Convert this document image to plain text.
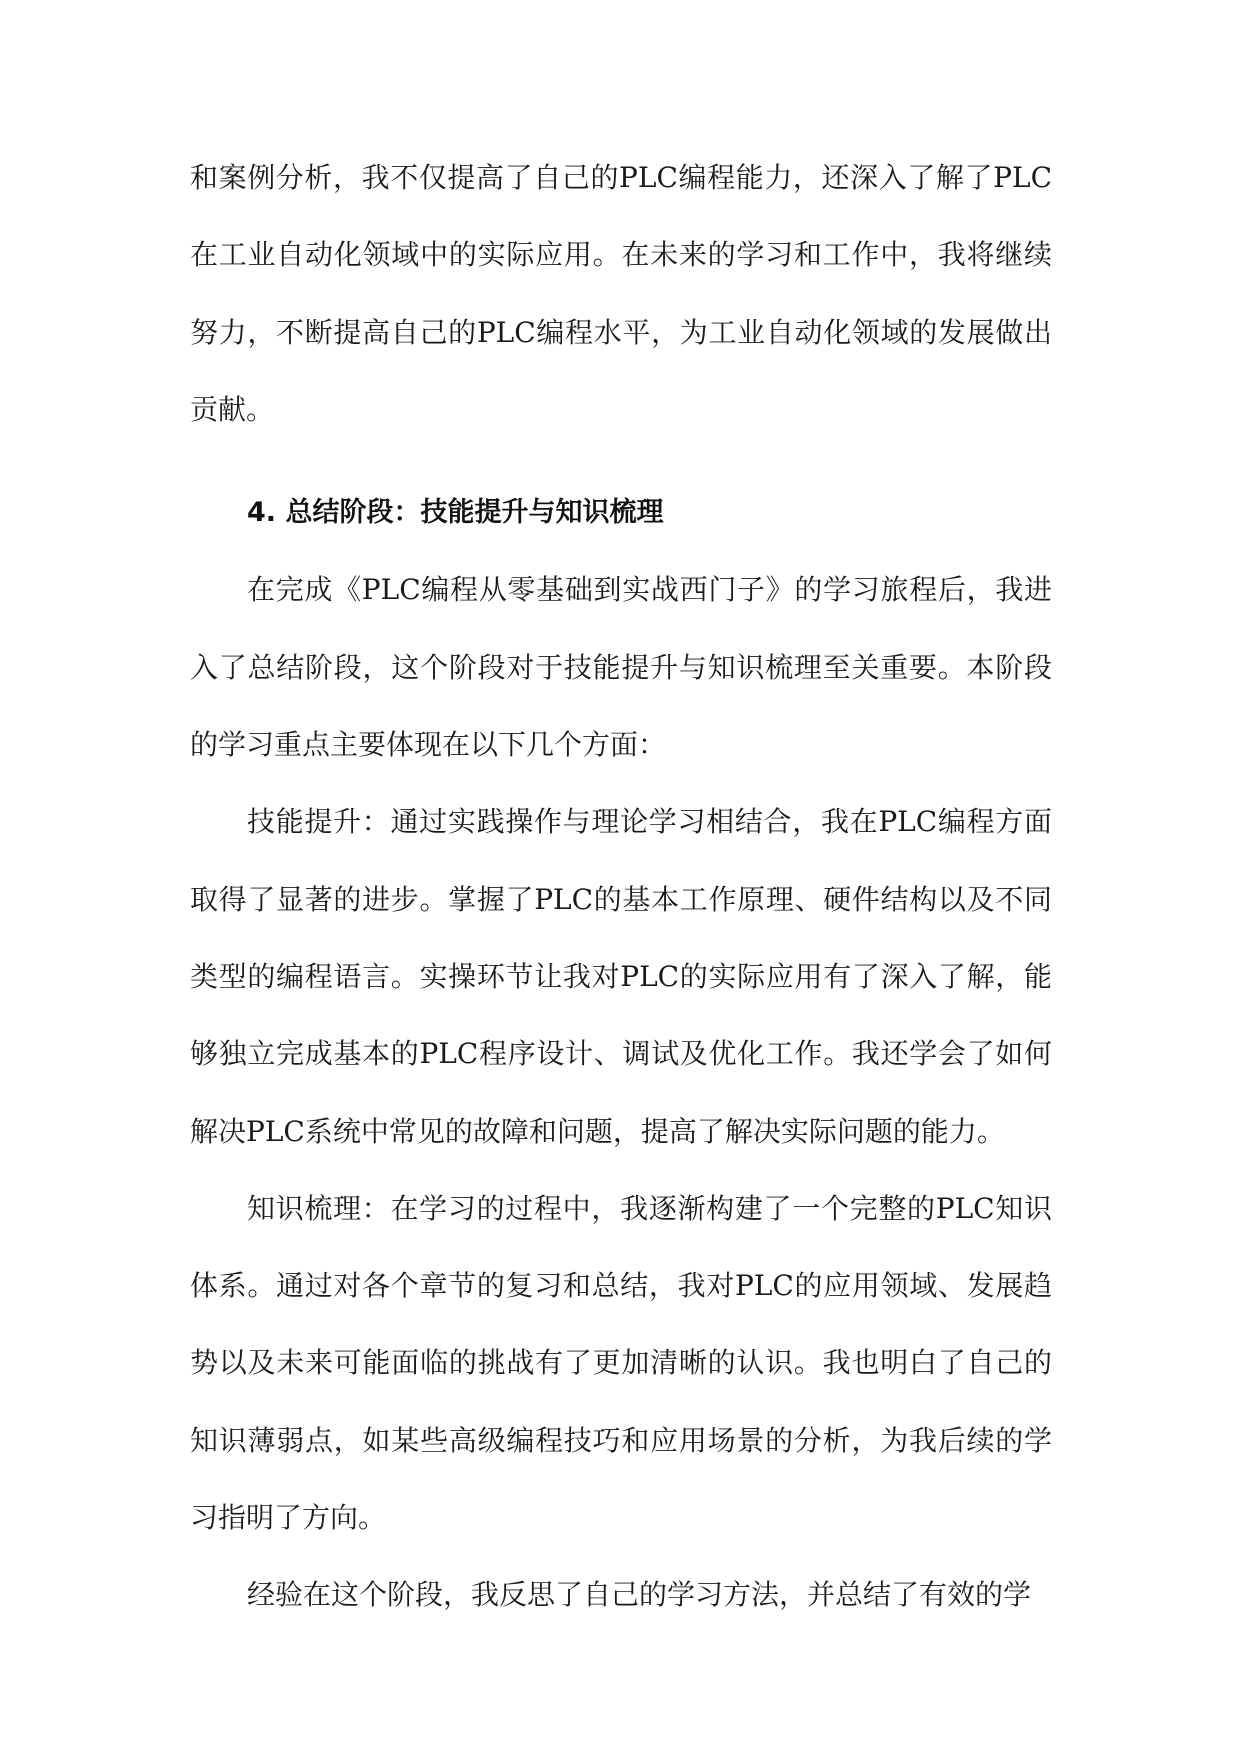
和案例分析，我不仅提高了自己的PLC编程能力，还深入了解了PLC在工业自动化领域中的实际应用。在未来的学习和工作中，我将继续努力，不断提高自己的PLC编程水平，为工业自动化领域的发展做出贡献。

4. 总结阶段：技能提升与知识梳理

在完成《PLC编程从零基础到实战西门子》的学习旅程后，我进入了总结阶段，这个阶段对于技能提升与知识梳理至关重要。本阶段的学习重点主要体现在以下几个方面：

技能提升：通过实践操作与理论学习相结合，我在PLC编程方面取得了显著的进步。掌握了PLC的基本工作原理、硬件结构以及不同类型的编程语言。实操环节让我对PLC的实际应用有了深入了解，能够独立完成基本的PLC程序设计、调试及优化工作。我还学会了如何解决PLC系统中常见的故障和问题，提高了解决实际问题的能力。

知识梳理：在学习的过程中，我逐渐构建了一个完整的PLC知识体系。通过对各个章节的复习和总结，我对PLC的应用领域、发展趋势以及未来可能面临的挑战有了更加清晰的认识。我也明白了自己的知识薄弱点，如某些高级编程技巧和应用场景的分析，为我后续的学习指明了方向。

经验在这个阶段，我反思了自己的学习方法，并总结了有效的学
